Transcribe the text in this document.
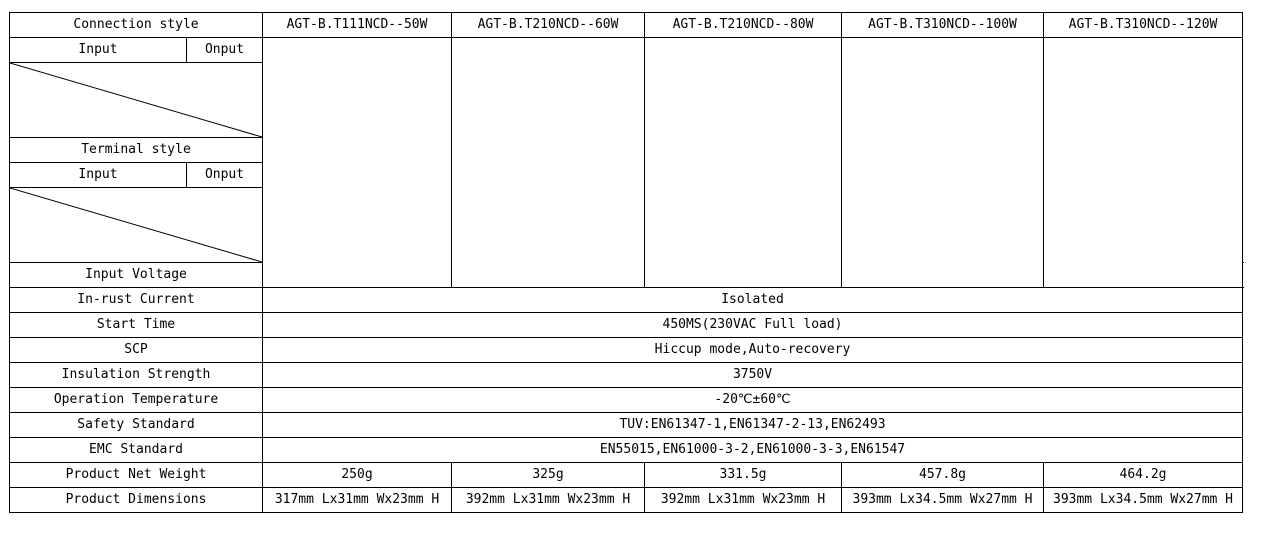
Connection style		AGT-B.T111NCD--50W	AGT-B.T210NCD--60W	AGT-B.T210NCD--80W	AGT-B.T310NCD--100W	AGT-B.T310NCD--120W	
Input	Onput						

Terminal style							
Input	Onput						

Input Voltage	
In-rust Current		Isolated					
Start Time		450MS(230VAC Full load)					
SCP		Hiccup mode,Auto-recovery					
Insulation Strength		3750V					
Operation Temperature		-20℃±60℃					
Safety Standard		TUV:EN61347-1,EN61347-2-13,EN62493					
EMC Standard		EN55015,EN61000-3-2,EN61000-3-3,EN61547					
Product Net Weight		250g	325g	331.5g	457.8g	464.2g	
Product Dimensions		317mm Lx31mm Wx23mm H	392mm Lx31mm Wx23mm H	392mm Lx31mm Wx23mm H	393mm Lx34.5mm Wx27mm H	393mm Lx34.5mm Wx27mm H	
